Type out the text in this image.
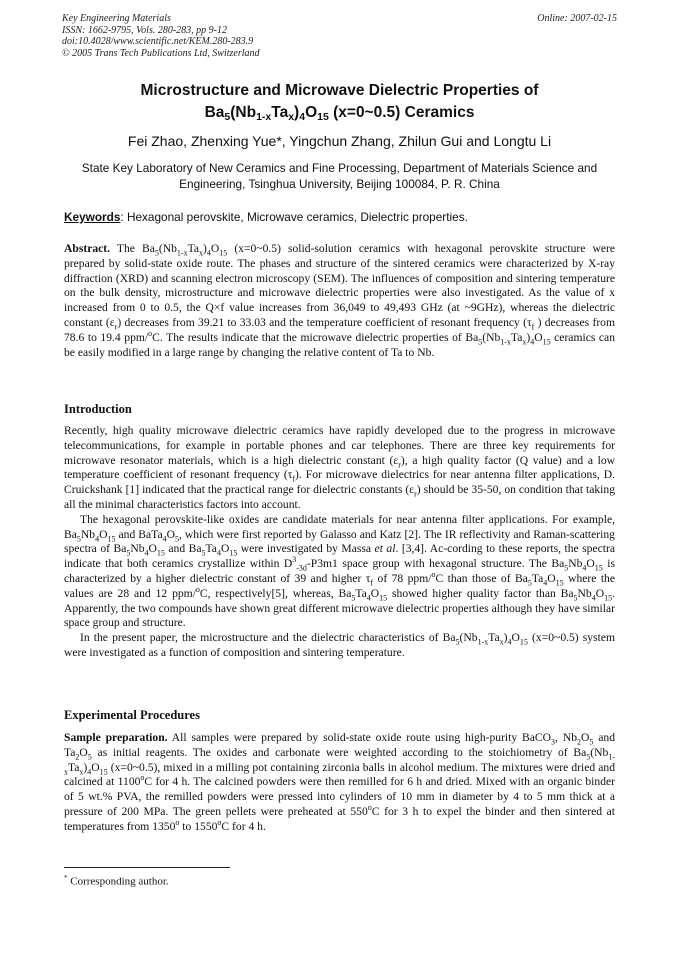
Key Engineering Materials
ISSN: 1662-9795, Vols. 280-283, pp 9-12
doi:10.4028/www.scientific.net/KEM.280-283.9
© 2005 Trans Tech Publications Ltd, Switzerland
Online: 2007-02-15
Microstructure and Microwave Dielectric Properties of
$Ba_5(Nb_{1-x}Ta_x)_4O_{15}$ (x=0~0.5) Ceramics
Fei Zhao, Zhenxing Yue*, Yingchun Zhang, Zhilun Gui and Longtu Li
State Key Laboratory of New Ceramics and Fine Processing, Department of Materials Science and Engineering, Tsinghua University, Beijing 100084, P. R. China
Keywords: Hexagonal perovskite, Microwave ceramics, Dielectric properties.

Abstract. The $Ba_5(Nb_{1-x}Ta_x)_4O_{15}$ (x=0~0.5) solid-solution ceramics with hexagonal perovskite structure were prepared by solid-state oxide route. The phases and structure of the sintered ceramics were characterized by X-ray diffraction (XRD) and scanning electron microscopy (SEM). The influences of composition and sintering temperature on the bulk density, microstructure and microwave dielectric properties were also investigated. As the value of x increased from 0 to 0.5, the Q×f value increases from 36,049 to 49,493 GHz (at ~9GHz), whereas the dielectric constant $(\varepsilon_r)$ decreases from 39.21 to 33.03 and the temperature coefficient of resonant frequency ($\tau_f$ ) decreases from 78.6 to 19.4 ppm/$^o$C. The results indicate that the microwave dielectric properties of $Ba_5(Nb_{1-x}Ta_x)_4O_{15}$ ceramics can be easily modified in a large range by changing the relative content of Ta to Nb.

Introduction

Recently, high quality microwave dielectric ceramics have rapidly developed due to the progress in microwave telecommunications, for example in portable phones and car telephones. There are three key requirements for microwave resonator materials, which is a high dielectric constant $(\varepsilon_r)$, a high quality factor (Q value) and a low temperature coefficient of resonant frequency $(\tau_f)$. For microwave dielectrics for near antenna filter applications, D. Cruickshank [1] indicated that the practical range for dielectric constants $(\varepsilon_r)$ should be 35-50, on condition that taking all the minimal characteristics factors into account.

The hexagonal perovskite-like oxides are candidate materials for near antenna filter applications. For example, $Ba_5Nb_4O_{15}$ and $BaTa_4O_5$, which were first reported by Galasso and Katz [2]. The IR reflectivity and Raman-scattering spectra of $Ba_5Nb_4O_{15}$ and $Ba_5Ta_4O_{15}$ were investigated by Massa et al. [3,4]. Ac-cording to these reports, the spectra indicate that both ceramics crystallize within $D^3_{-3d}-P3m1$ space group with hexagonal structure. The $Ba_5Nb_4O_{15}$ is characterized by a higher dielectric constant of 39 and higher $\tau_f$ of 78 ppm/$^o$C than those of $Ba_5Ta_4O_{15}$ where the values are 28 and 12 ppm/$^o$C, respectively[5], whereas, $Ba_5Ta_4O_{15}$ showed higher quality factor than $Ba_5Nb_4O_{15}$. Apparently, the two compounds have shown great different microwave dielectric properties although they have similar space group and structure.

In the present paper, the microstructure and the dielectric characteristics of $Ba_5(Nb_{1-x}Ta_x)_4O_{15}$ (x=0~0.5) system were investigated as a function of composition and sintering temperature.

Experimental Procedures

Sample preparation. All samples were prepared by solid-state oxide route using high-purity BaCO$_3$, $Nb_2O_5$ and $Ta_2O_5$ as initial reagents. The oxides and carbonate were weighted according to the stoichiometry of $Ba_5(Nb_{1-x}Ta_x)_4O_{15}$ (x=0~0.5), mixed in a milling pot containing zirconia balls in alcohol medium. The mixtures were dried and calcined at 1100$^o$C for 4 h. The calcined powders were then remilled for 6 h and dried. Mixed with an organic binder of 5 wt.% PVA, the remilled powders were pressed into cylinders of 10 mm in diameter by 4 to 5 mm thick at a pressure of 200 MPa. The green pellets were preheated at 550$^o$C for 3 h to expel the binder and then sintered at temperatures from 1350$^o$ to 1550$^o$C for 4 h.

* Corresponding author.
